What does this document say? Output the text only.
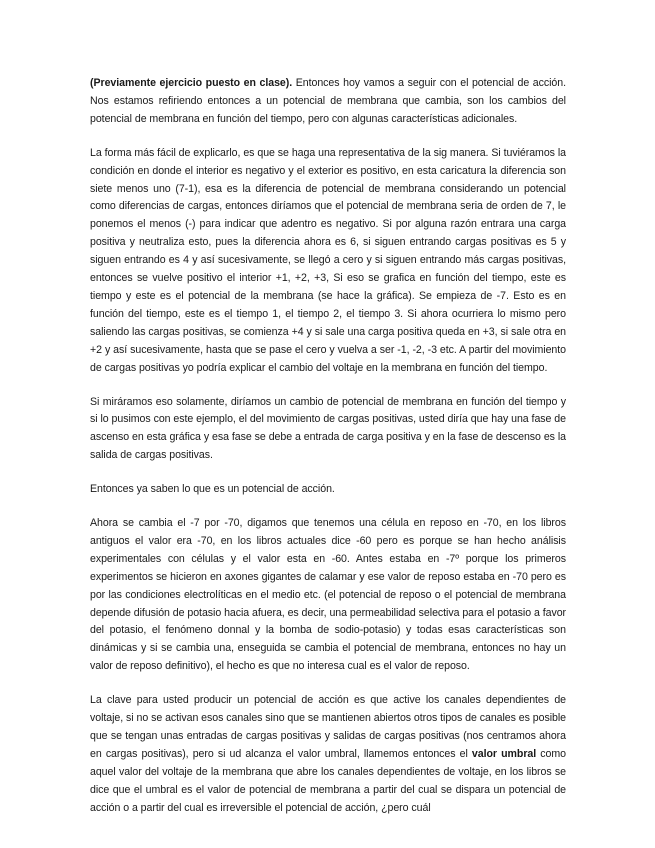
(Previamente ejercicio puesto en clase). Entonces hoy vamos a seguir con el potencial de acción. Nos estamos refiriendo entonces a un potencial de membrana que cambia, son los cambios del potencial de membrana en función del tiempo, pero con algunas características adicionales.

La forma más fácil de explicarlo, es que se haga una representativa de la sig manera. Si tuviéramos la condición en donde el interior es negativo y el exterior es positivo, en esta caricatura la diferencia son siete menos uno (7-1), esa es la diferencia de potencial de membrana considerando un potencial como diferencias de cargas, entonces diríamos que el potencial de membrana seria de orden de 7, le ponemos el menos (-) para indicar que adentro es negativo. Si por alguna razón entrara una carga positiva y neutraliza esto, pues la diferencia ahora es 6, si siguen entrando cargas positivas es 5 y siguen entrando es 4 y así sucesivamente, se llegó a cero y si siguen entrando más cargas positivas, entonces se vuelve positivo el interior +1, +2, +3, Si eso se grafica en función del tiempo, este es tiempo y este es el potencial de la membrana (se hace la gráfica). Se empieza de -7. Esto es en función del tiempo, este es el tiempo 1, el tiempo 2, el tiempo 3. Si ahora ocurriera lo mismo pero saliendo las cargas positivas, se comienza +4 y si sale una carga positiva queda en +3, si sale otra en +2 y así sucesivamente, hasta que se pase el cero y vuelva a ser -1, -2, -3 etc. A partir del movimiento de cargas positivas yo podría explicar el cambio del voltaje en la membrana en función del tiempo.

Si miráramos eso solamente, diríamos un cambio de potencial de membrana en función del tiempo y si lo pusimos con este ejemplo, el del movimiento de cargas positivas, usted diría que hay una fase de ascenso en esta gráfica y esa fase se debe a entrada de carga positiva y en la fase de descenso es la salida de cargas positivas.

Entonces ya saben lo que es un potencial de acción.

Ahora se cambia el -7 por -70, digamos que tenemos una célula en reposo en -70, en los libros antiguos el valor era -70, en los libros actuales dice -60 pero es porque se han hecho análisis experimentales con células y el valor esta en -60. Antes estaba en -7º porque los primeros experimentos se hicieron en axones gigantes de calamar y ese valor de reposo estaba en -70 pero es por las condiciones electrolíticas en el medio etc. (el potencial de reposo o el potencial de membrana depende difusión de potasio hacia afuera, es decir, una permeabilidad selectiva para el potasio a favor del potasio, el fenómeno donnal y la bomba de sodio-potasio) y todas esas características son dinámicas y si se cambia una, enseguida se cambia el potencial de membrana, entonces no hay un valor de reposo definitivo), el hecho es que no interesa cual es el valor de reposo.

La clave para usted producir un potencial de acción es que active los canales dependientes de voltaje, si no se activan esos canales sino que se mantienen abiertos otros tipos de canales es posible que se tengan unas entradas de cargas positivas y salidas de cargas positivas (nos centramos ahora en cargas positivas), pero si ud alcanza el valor umbral, llamemos entonces el valor umbral como aquel valor del voltaje de la membrana que abre los canales dependientes de voltaje, en los libros se dice que el umbral es el valor de potencial de membrana a partir del cual se dispara un potencial de acción o a partir del cual es irreversible el potencial de acción, ¿pero cuál
